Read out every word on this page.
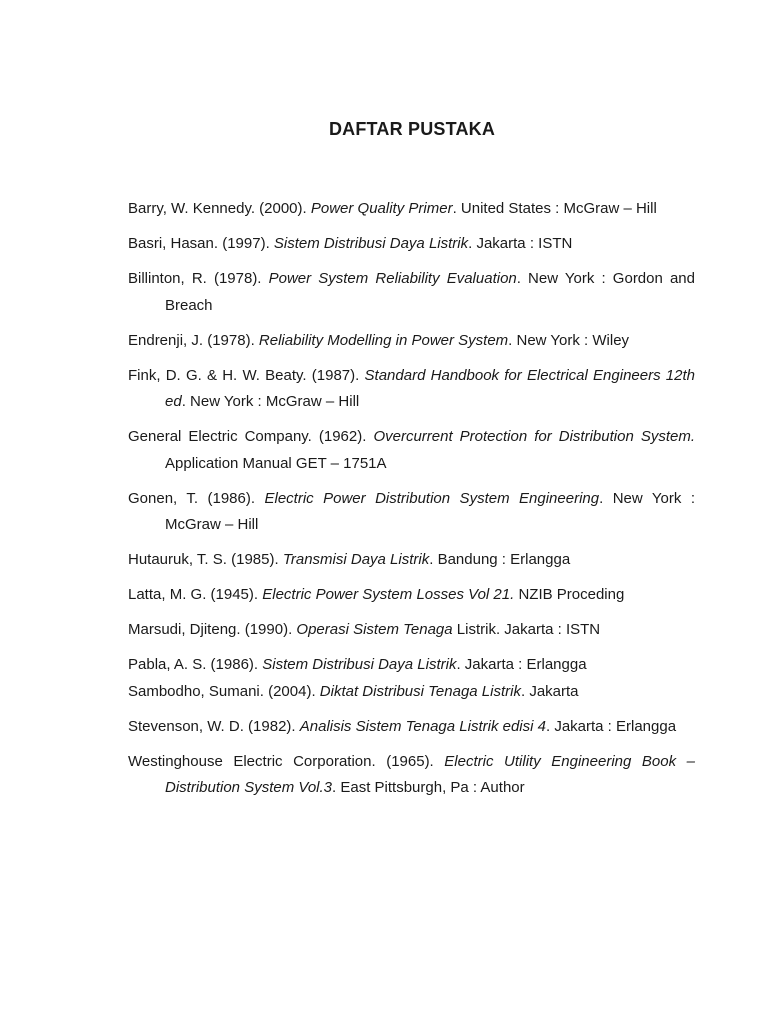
DAFTAR PUSTAKA
Barry, W. Kennedy. (2000). Power Quality Primer. United States : McGraw – Hill
Basri, Hasan. (1997). Sistem Distribusi Daya Listrik. Jakarta : ISTN
Billinton, R. (1978). Power System Reliability Evaluation. New York : Gordon and Breach
Endrenji, J. (1978). Reliability Modelling in Power System. New York : Wiley
Fink, D. G. & H. W. Beaty. (1987). Standard Handbook for Electrical Engineers 12th ed. New York : McGraw – Hill
General Electric Company. (1962). Overcurrent Protection for Distribution System. Application Manual GET – 1751A
Gonen, T. (1986). Electric Power Distribution System Engineering. New York : McGraw – Hill
Hutauruk, T. S. (1985). Transmisi Daya Listrik. Bandung : Erlangga
Latta, M. G. (1945). Electric Power System Losses Vol 21. NZIB Proceding
Marsudi, Djiteng. (1990). Operasi Sistem Tenaga Listrik. Jakarta : ISTN
Pabla, A. S. (1986). Sistem Distribusi Daya Listrik. Jakarta : Erlangga
Sambodho, Sumani. (2004). Diktat Distribusi Tenaga Listrik. Jakarta
Stevenson, W. D. (1982). Analisis Sistem Tenaga Listrik edisi 4. Jakarta : Erlangga
Westinghouse Electric Corporation. (1965). Electric Utility Engineering Book – Distribution System Vol.3. East Pittsburgh, Pa : Author
